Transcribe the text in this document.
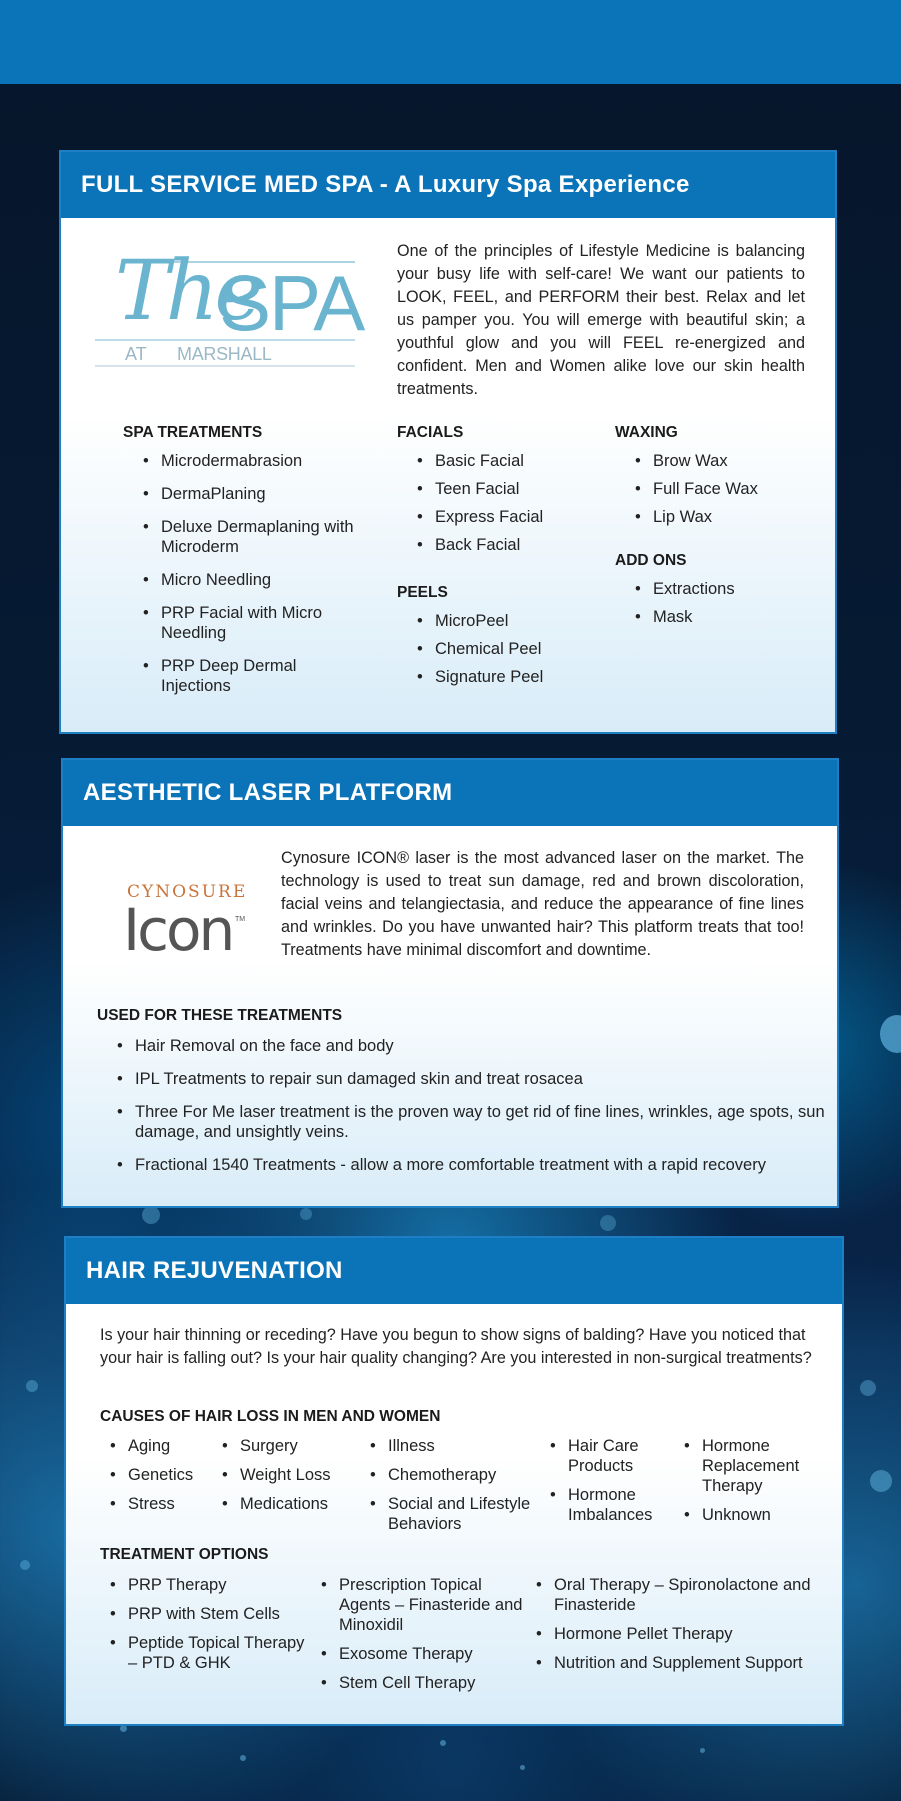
FULL SERVICE MED SPA - A Luxury Spa Experience
The
SPA
AT MARSHALL

One of the principles of Lifestyle Medicine is balancing your busy life with self-care! We want our patients to LOOK, FEEL, and PERFORM their best. Relax and let us pamper you. You will emerge with beautiful skin; a youthful glow and you will FEEL re-energized and confident. Men and Women alike love our skin health treatments.

SPA TREATMENTS
• Microdermabrasion
• DermaPlaning
• Deluxe Dermaplaning with Microderm
• Micro Needling
• PRP Facial with Micro Needling
• PRP Deep Dermal Injections
FACIALS
• Basic Facial
• Teen Facial
• Express Facial
• Back Facial
PEELS
• MicroPeel
• Chemical Peel
• Signature Peel
WAXING
• Brow Wax
• Full Face Wax
• Lip Wax
ADD ONS
• Extractions
• Mask
AESTHETIC LASER PLATFORM
CYNOSURE
Icon TM

Cynosure ICON® laser is the most advanced laser on the market. The technology is used to treat sun damage, red and brown discoloration, facial veins and telangiectasia, and reduce the appearance of fine lines and wrinkles. Do you have unwanted hair? This platform treats that too! Treatments have minimal discomfort and downtime.

USED FOR THESE TREATMENTS
• Hair Removal on the face and body
• IPL Treatments to repair sun damaged skin and treat rosacea
• Three For Me laser treatment is the proven way to get rid of fine lines, wrinkles, age spots, sun damage, and unsightly veins.
• Fractional 1540 Treatments - allow a more comfortable treatment with a rapid recovery
HAIR REJUVENATION

Is your hair thinning or receding? Have you begun to show signs of balding? Have you noticed that your hair is falling out? Is your hair quality changing? Are you interested in non-surgical treatments?

CAUSES OF HAIR LOSS IN MEN AND WOMEN
• Aging
• Genetics
• Stress
• Surgery
• Weight Loss
• Medications
• Illness
• Chemotherapy
• Social and Lifestyle Behaviors
• Hair Care Products
• Hormone Imbalances
• Hormone Replacement Therapy
• Unknown
TREATMENT OPTIONS
• PRP Therapy
• PRP with Stem Cells
• Peptide Topical Therapy – PTD & GHK
• Prescription Topical Agents – Finasteride and Minoxidil
• Exosome Therapy
• Stem Cell Therapy
• Oral Therapy – Spironolactone and Finasteride
• Hormone Pellet Therapy
• Nutrition and Supplement Support
